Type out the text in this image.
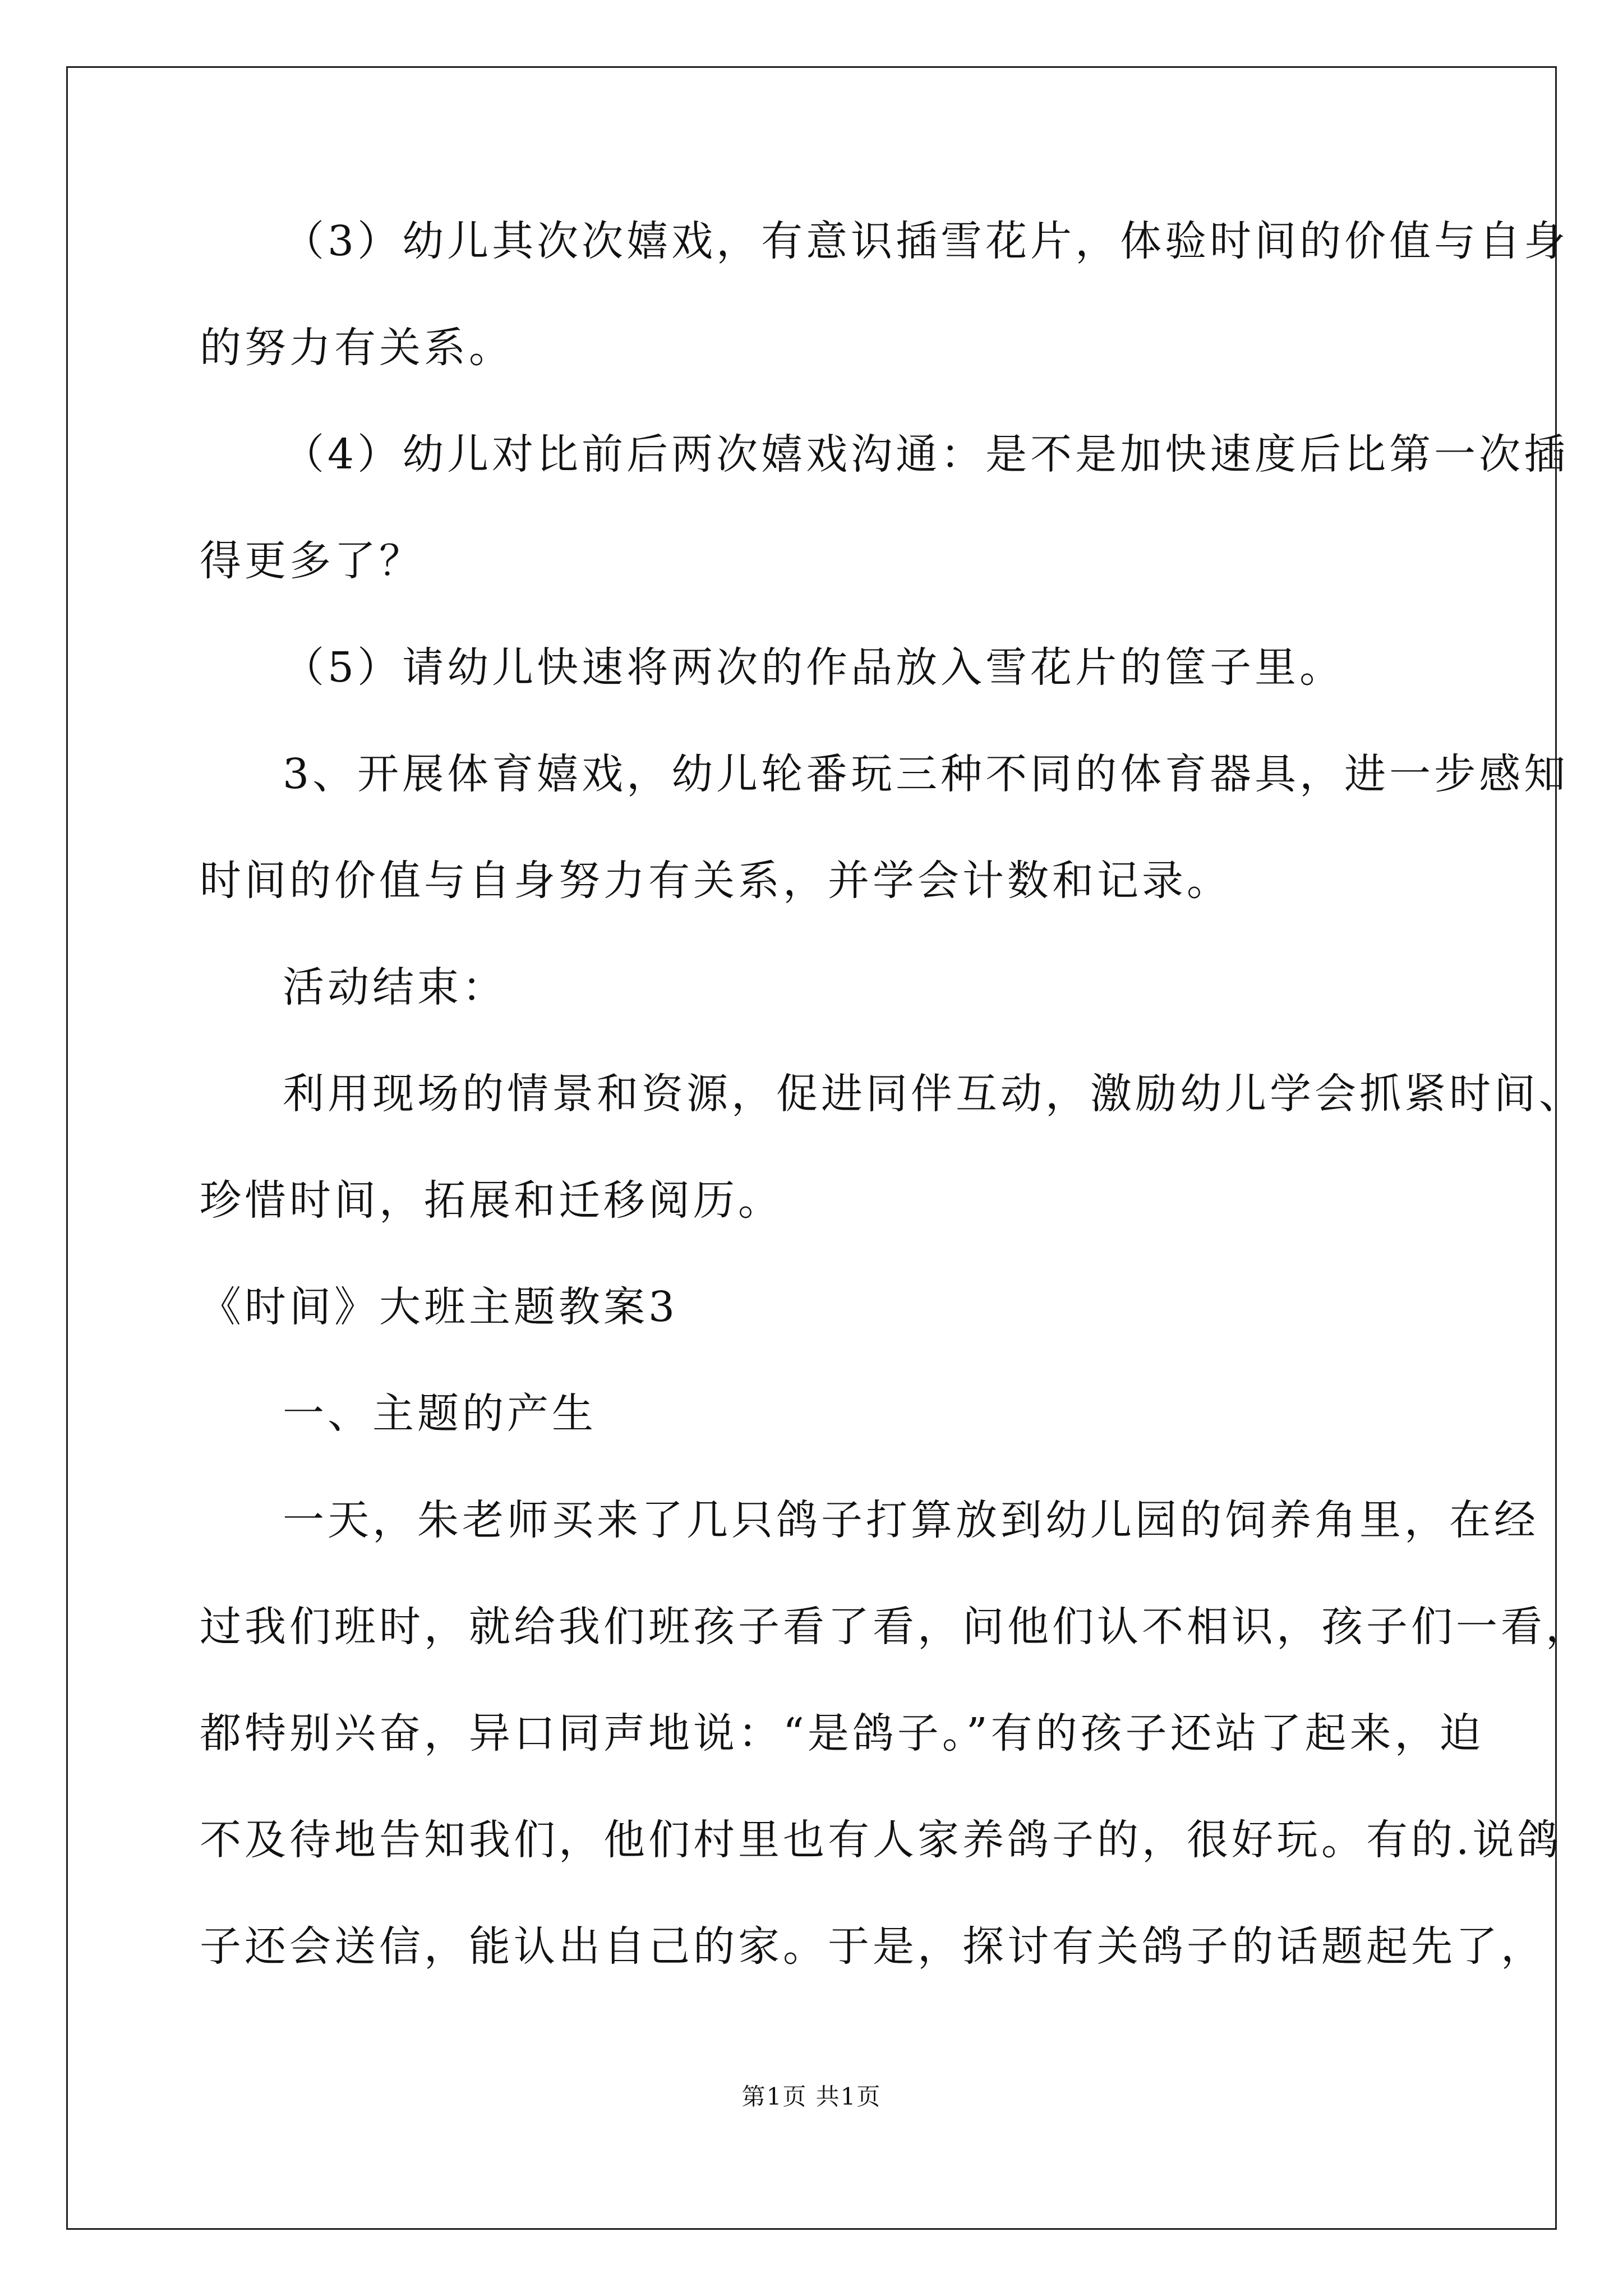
（3）幼儿其次次嬉戏，有意识插雪花片，体验时间的价值与自身
的努力有关系。
（4）幼儿对比前后两次嬉戏沟通：是不是加快速度后比第一次插
得更多了？
（5）请幼儿快速将两次的作品放入雪花片的筐子里。
3、开展体育嬉戏，幼儿轮番玩三种不同的体育器具，进一步感知
时间的价值与自身努力有关系，并学会计数和记录。
活动结束：
利用现场的情景和资源，促进同伴互动，激励幼儿学会抓紧时间、
珍惜时间，拓展和迁移阅历。
《时间》大班主题教案3
一、主题的产生
一天，朱老师买来了几只鸽子打算放到幼儿园的饲养角里，在经
过我们班时，就给我们班孩子看了看，问他们认不相识，孩子们一看，
都特别兴奋，异口同声地说：“是鸽子。”有的孩子还站了起来，迫
不及待地告知我们，他们村里也有人家养鸽子的，很好玩。有的.说鸽
子还会送信，能认出自己的家。于是，探讨有关鸽子的话题起先了，
第1页 共1页
